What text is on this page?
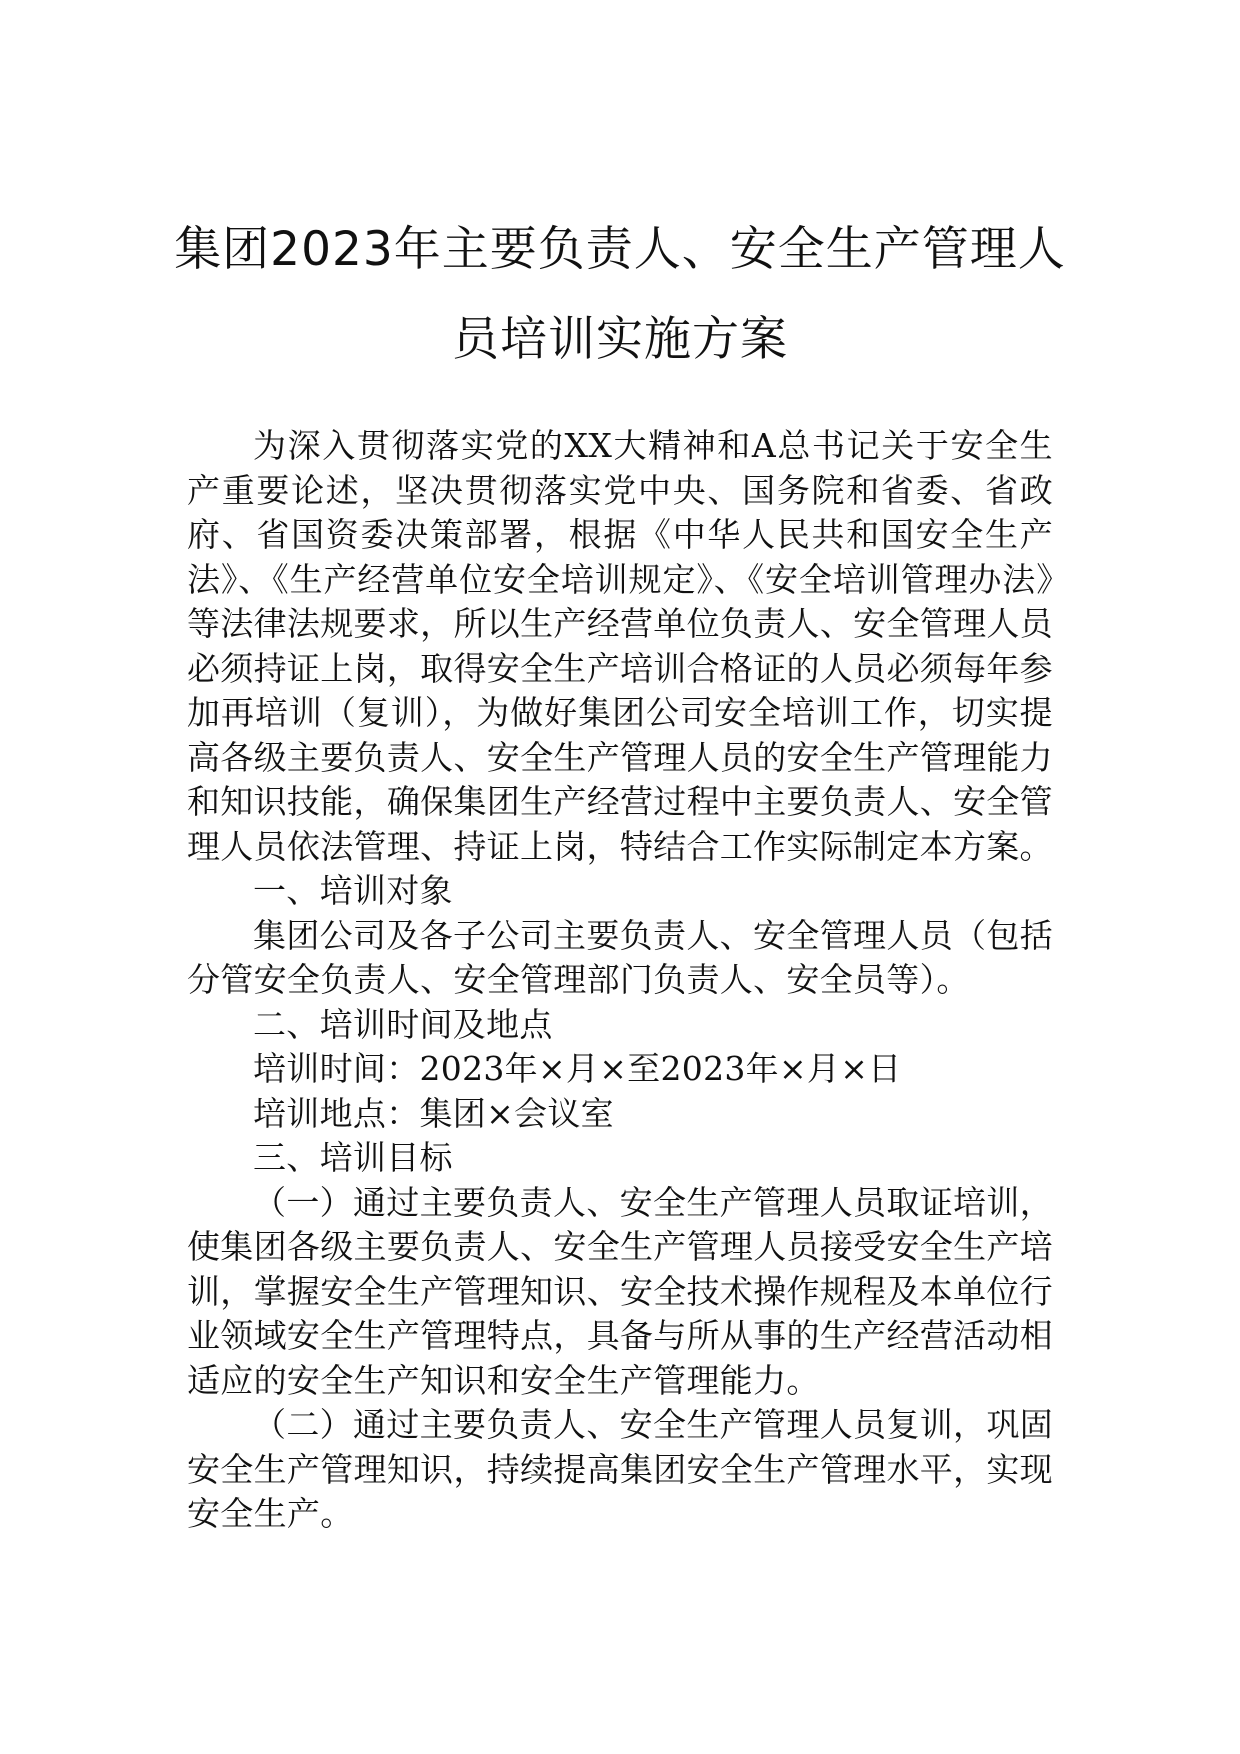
集团2023年主要负责人、安全生产管理人
员培训实施方案

为深入贯彻落实党的XX大精神和A总书记关于安全生产重要论述，坚决贯彻落实党中央、国务院和省委、省政府、省国资委决策部署，根据《中华人民共和国安全生产法》、《生产经营单位安全培训规定》、《安全培训管理办法》等法律法规要求，所以生产经营单位负责人、安全管理人员必须持证上岗，取得安全生产培训合格证的人员必须每年参加再培训（复训），为做好集团公司安全培训工作，切实提高各级主要负责人、安全生产管理人员的安全生产管理能力和知识技能，确保集团生产经营过程中主要负责人、安全管理人员依法管理、持证上岗，特结合工作实际制定本方案。

一、培训对象

集团公司及各子公司主要负责人、安全管理人员（包括分管安全负责人、安全管理部门负责人、安全员等）。

二、培训时间及地点

培训时间：2023年×月×至2023年×月×日

培训地点：集团×会议室

三、培训目标

（一）通过主要负责人、安全生产管理人员取证培训，使集团各级主要负责人、安全生产管理人员接受安全生产培训，掌握安全生产管理知识、安全技术操作规程及本单位行业领域安全生产管理特点，具备与所从事的生产经营活动相适应的安全生产知识和安全生产管理能力。

（二）通过主要负责人、安全生产管理人员复训，巩固安全生产管理知识，持续提高集团安全生产管理水平，实现安全生产。
